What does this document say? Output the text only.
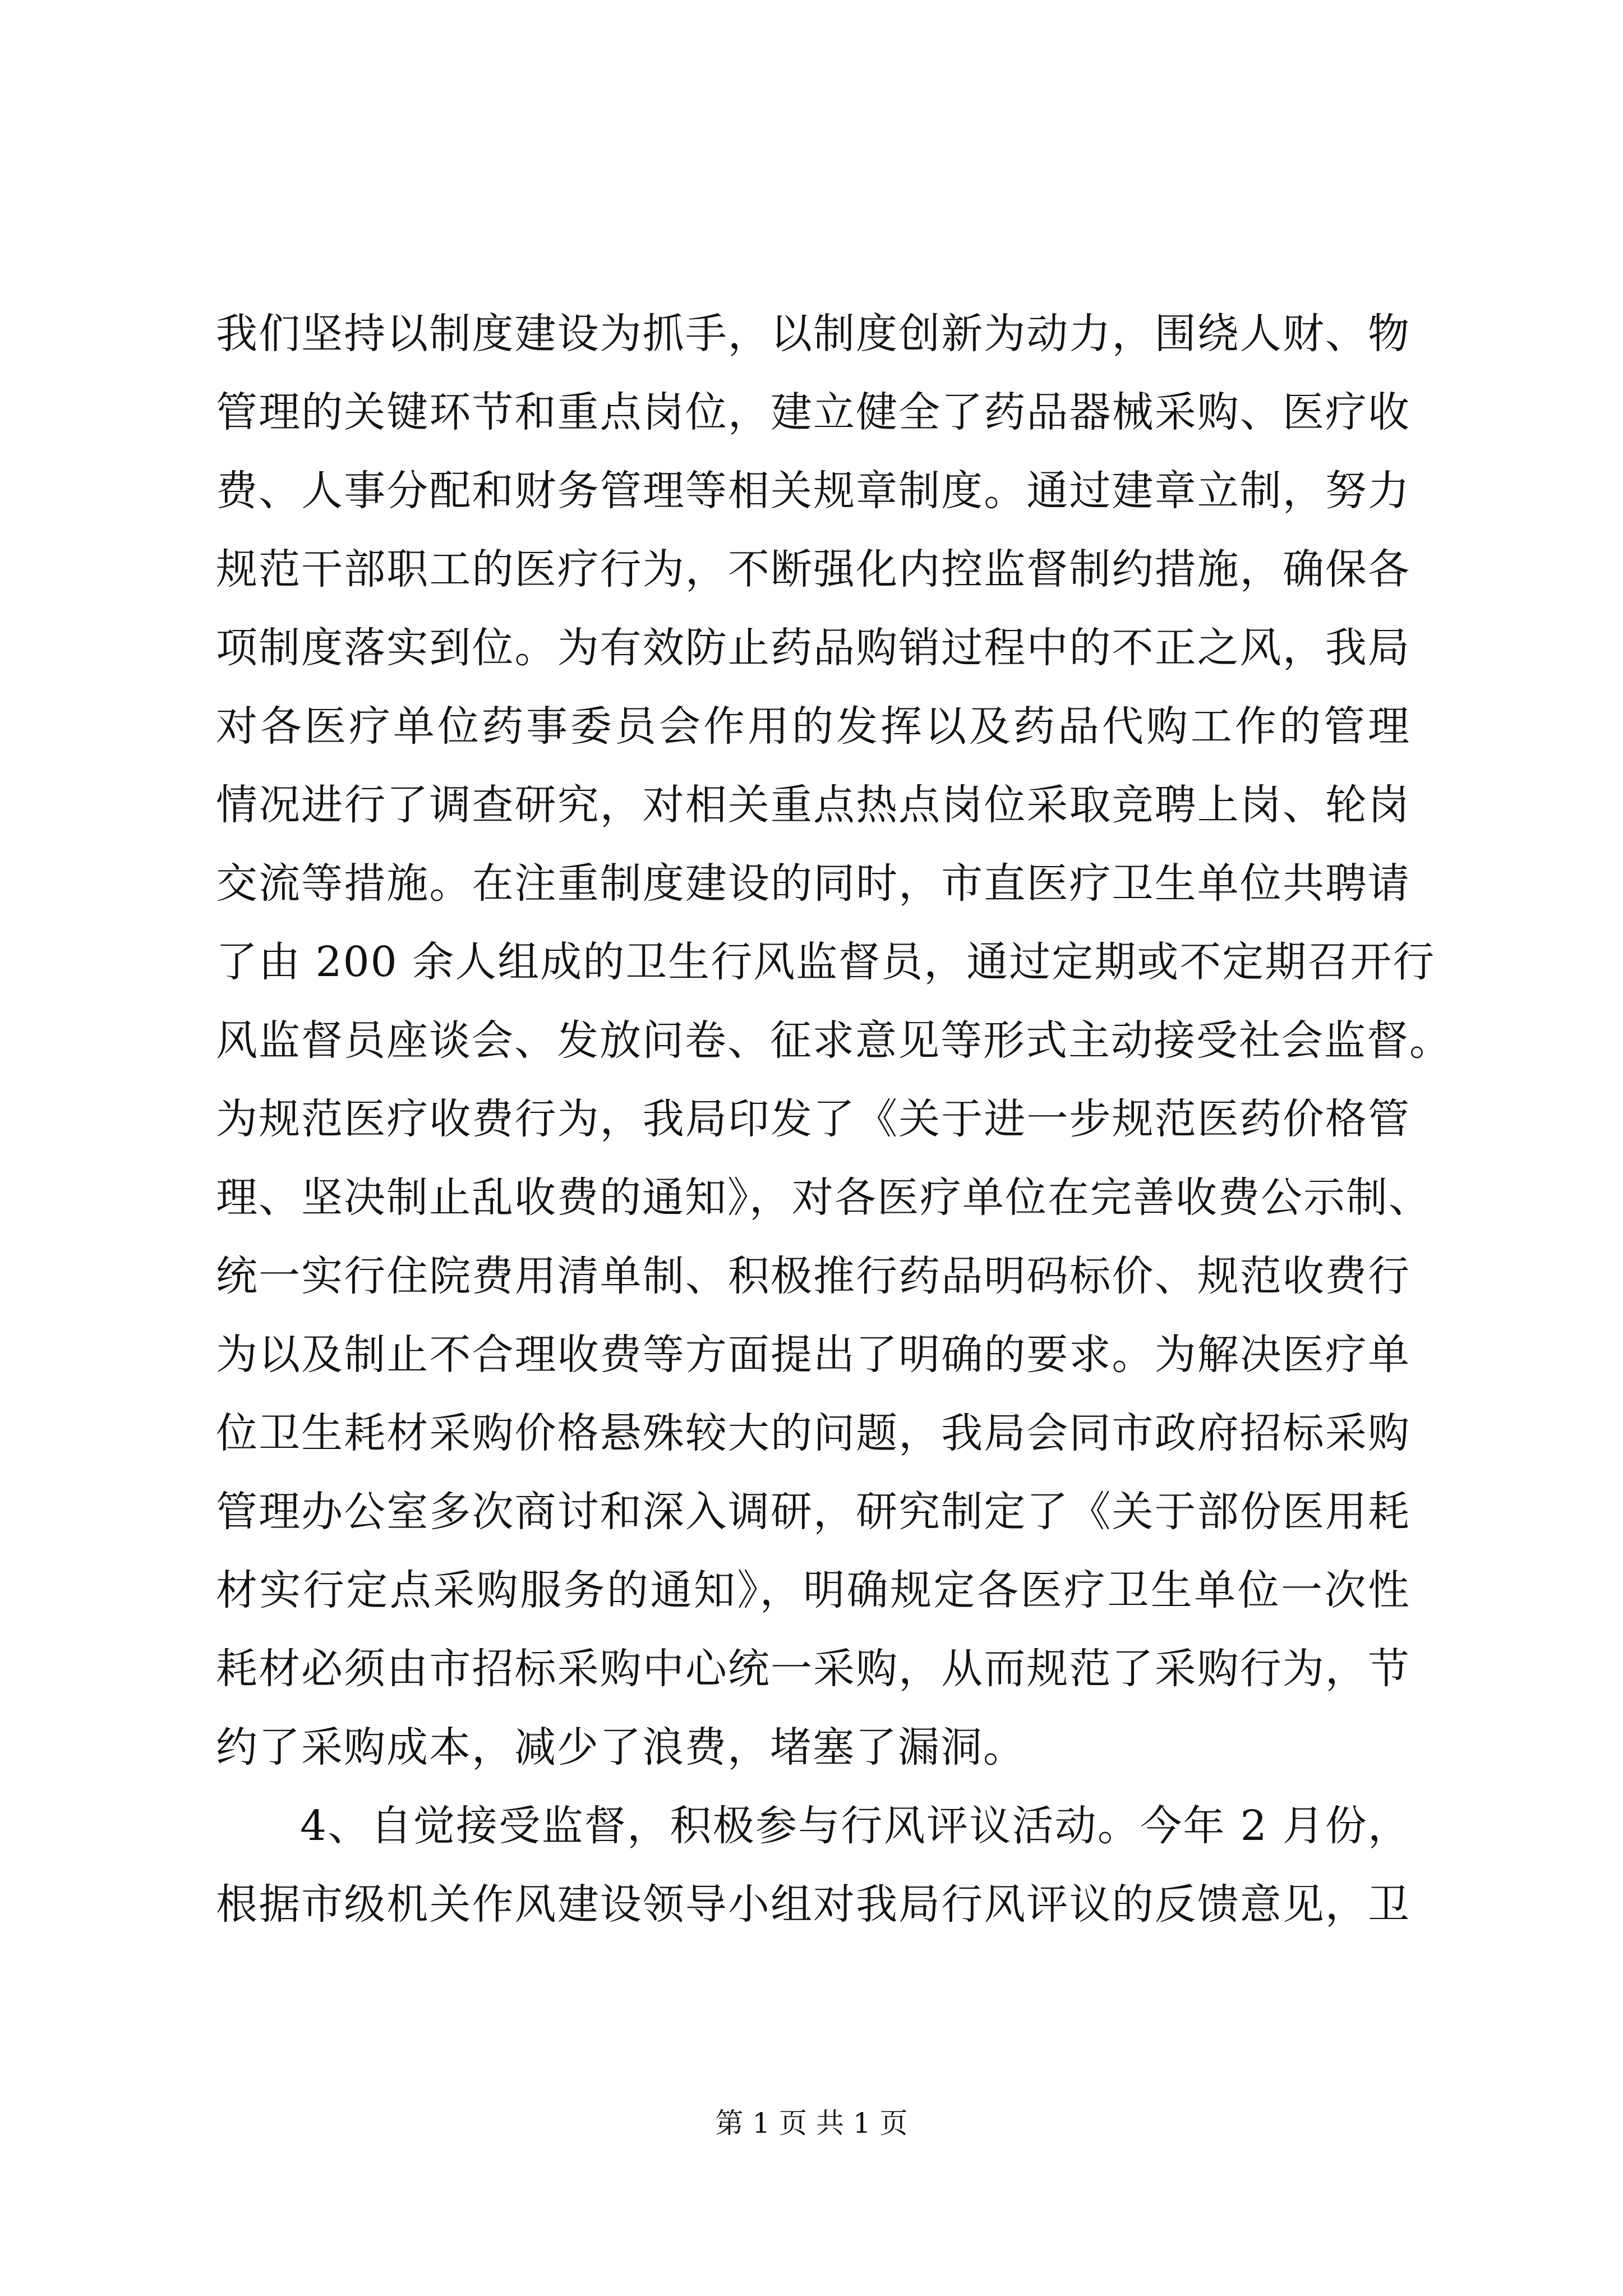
我们坚持以制度建设为抓手，以制度创新为动力，围绕人财、物
管理的关键环节和重点岗位，建立健全了药品器械采购、医疗收
费、人事分配和财务管理等相关规章制度。通过建章立制，努力
规范干部职工的医疗行为，不断强化内控监督制约措施，确保各
项制度落实到位。为有效防止药品购销过程中的不正之风，我局
对各医疗单位药事委员会作用的发挥以及药品代购工作的管理
情况进行了调查研究，对相关重点热点岗位采取竞聘上岗、轮岗
交流等措施。在注重制度建设的同时，市直医疗卫生单位共聘请
了由 200 余人组成的卫生行风监督员，通过定期或不定期召开行
风监督员座谈会、发放问卷、征求意见等形式主动接受社会监督。
为规范医疗收费行为，我局印发了《关于进一步规范医药价格管
理、坚决制止乱收费的通知》，对各医疗单位在完善收费公示制、
统一实行住院费用清单制、积极推行药品明码标价、规范收费行
为以及制止不合理收费等方面提出了明确的要求。为解决医疗单
位卫生耗材采购价格悬殊较大的问题，我局会同市政府招标采购
管理办公室多次商讨和深入调研，研究制定了《关于部份医用耗
材实行定点采购服务的通知》，明确规定各医疗卫生单位一次性
耗材必须由市招标采购中心统一采购，从而规范了采购行为，节
约了采购成本，减少了浪费，堵塞了漏洞。
4、自觉接受监督，积极参与行风评议活动。今年 2 月份，
根据市级机关作风建设领导小组对我局行风评议的反馈意见，卫
第 1 页 共 1 页
